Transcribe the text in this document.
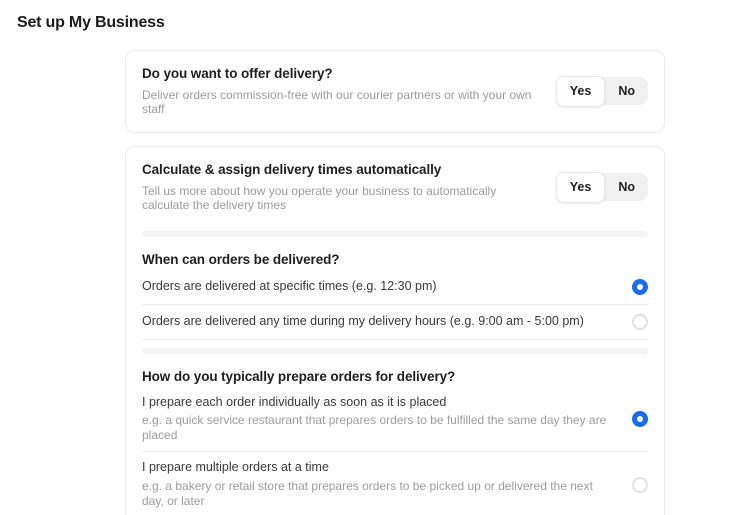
Set up My Business
Do you want to offer delivery?
Deliver orders commission-free with our courier partners or with your own staff
Yes	No
Calculate & assign delivery times automatically
Tell us more about how you operate your business to automatically calculate the delivery times
Yes	No
When can orders be delivered?
Orders are delivered at specific times (e.g. 12:30 pm)
Orders are delivered any time during my delivery hours (e.g. 9:00 am - 5:00 pm)
How do you typically prepare orders for delivery?
I prepare each order individually as soon as it is placed
e.g. a quick service restaurant that prepares orders to be fulfilled the same day they are placed
I prepare multiple orders at a time
e.g. a bakery or retail store that prepares orders to be picked up or delivered the next day, or later
